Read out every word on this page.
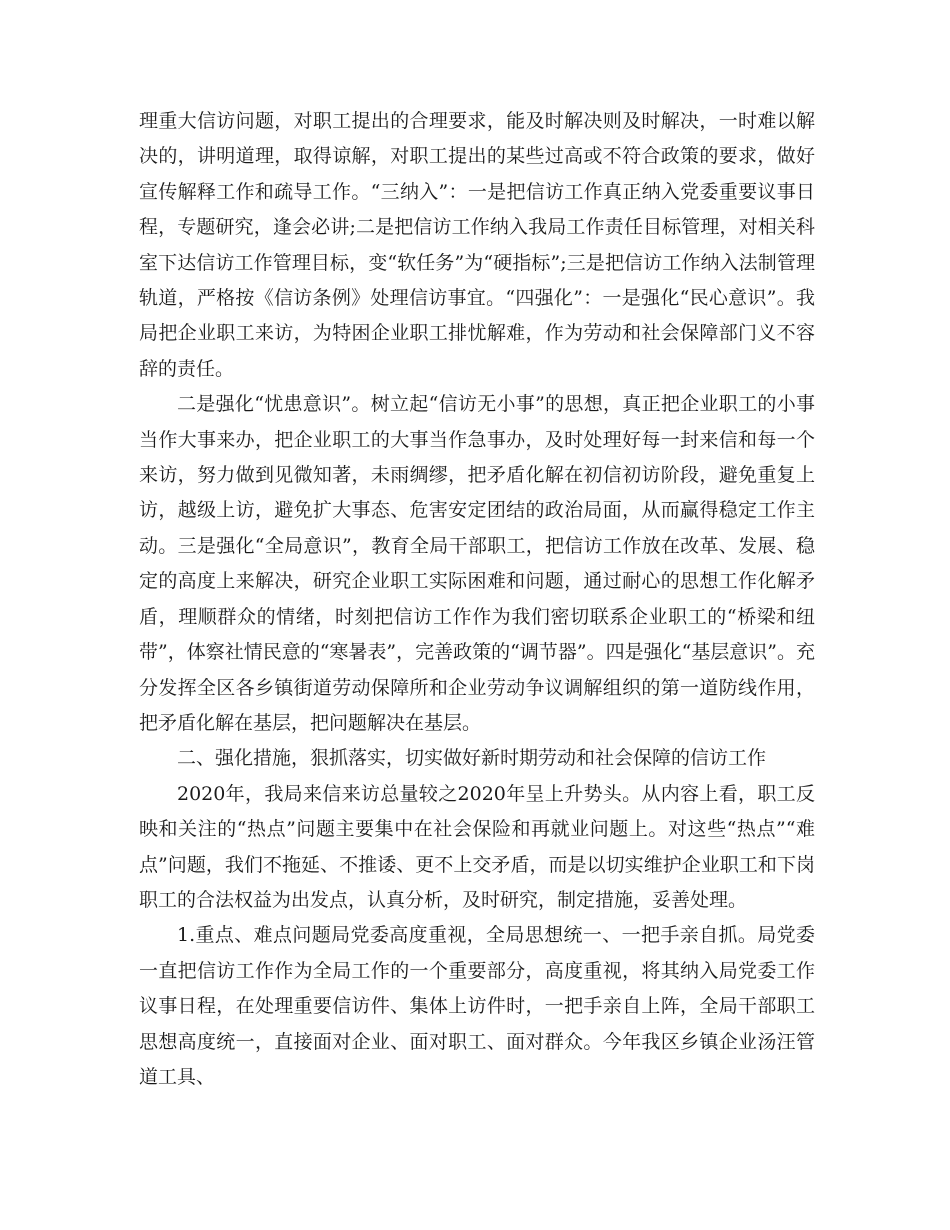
理重大信访问题，对职工提出的合理要求，能及时解决则及时解决，一时难以解决的，讲明道理，取得谅解，对职工提出的某些过高或不符合政策的要求，做好宣传解释工作和疏导工作。“三纳入”：一是把信访工作真正纳入党委重要议事日程，专题研究，逢会必讲;二是把信访工作纳入我局工作责任目标管理，对相关科室下达信访工作管理目标，变“软任务”为“硬指标”;三是把信访工作纳入法制管理轨道，严格按《信访条例》处理信访事宜。“四强化”：一是强化“民心意识”。我局把企业职工来访，为特困企业职工排忧解难，作为劳动和社会保障部门义不容辞的责任。

二是强化“忧患意识”。树立起“信访无小事”的思想，真正把企业职工的小事当作大事来办，把企业职工的大事当作急事办，及时处理好每一封来信和每一个来访，努力做到见微知著，未雨绸缪，把矛盾化解在初信初访阶段，避免重复上访，越级上访，避免扩大事态、危害安定团结的政治局面，从而赢得稳定工作主动。三是强化“全局意识”，教育全局干部职工，把信访工作放在改革、发展、稳定的高度上来解决，研究企业职工实际困难和问题，通过耐心的思想工作化解矛盾，理顺群众的情绪，时刻把信访工作作为我们密切联系企业职工的“桥梁和纽带”，体察社情民意的“寒暑表”，完善政策的“调节器”。四是强化“基层意识”。充分发挥全区各乡镇街道劳动保障所和企业劳动争议调解组织的第一道防线作用，把矛盾化解在基层，把问题解决在基层。

二、强化措施，狠抓落实，切实做好新时期劳动和社会保障的信访工作

2020年，我局来信来访总量较之2020年呈上升势头。从内容上看，职工反映和关注的“热点”问题主要集中在社会保险和再就业问题上。对这些“热点”“难点”问题，我们不拖延、不推诿、更不上交矛盾，而是以切实维护企业职工和下岗职工的合法权益为出发点，认真分析，及时研究，制定措施，妥善处理。

1.重点、难点问题局党委高度重视，全局思想统一、一把手亲自抓。局党委一直把信访工作作为全局工作的一个重要部分，高度重视，将其纳入局党委工作议事日程，在处理重要信访件、集体上访件时，一把手亲自上阵，全局干部职工思想高度统一，直接面对企业、面对职工、面对群众。今年我区乡镇企业汤汪管道工具、
